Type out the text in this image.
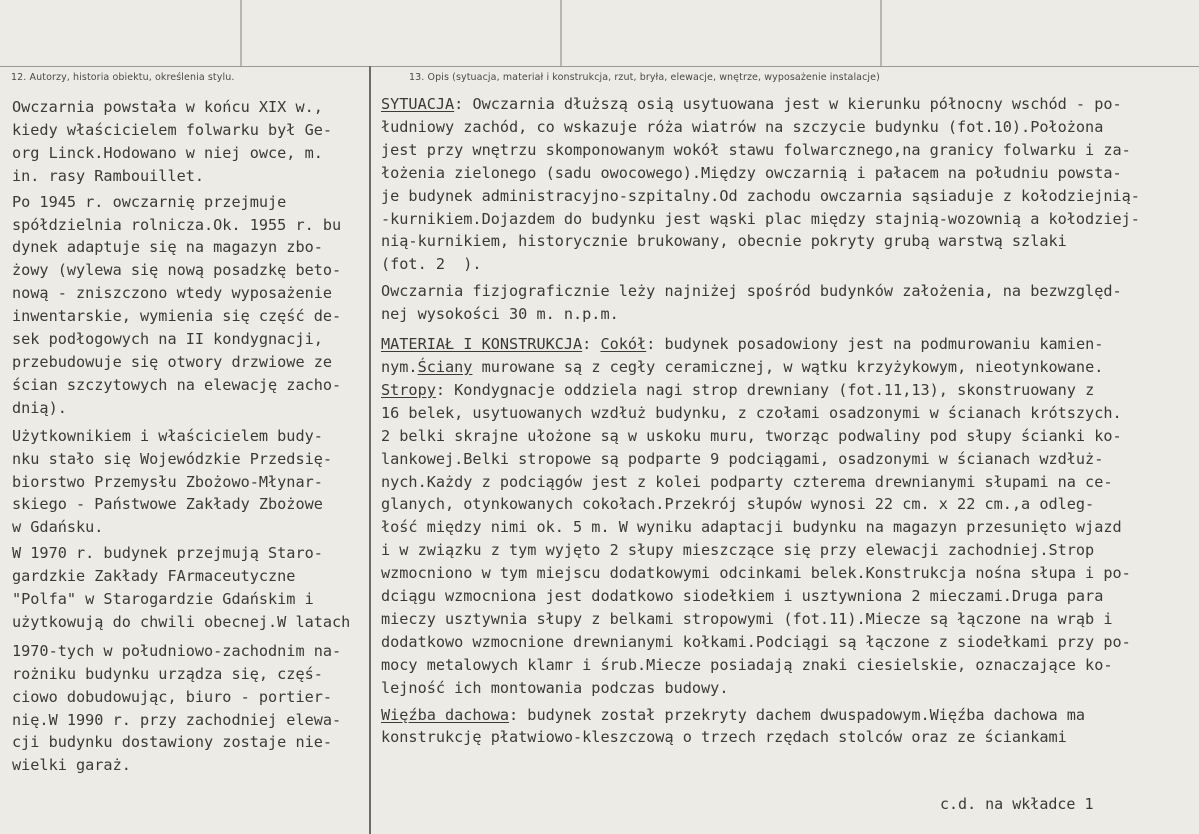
12. Autorzy, historia obiektu, określenia stylu.	13. Opis (sytuacja, materiał i konstrukcja, rzut, bryła, elewacje, wnętrze, wyposażenie instalacje)
Owczarnia powstała w końcu XIX w.,
kiedy właścicielem folwarku był Ge-
org Linck.Hodowano w niej owce, m.
in. rasy Rambouillet.
Po 1945 r. owczarnię przejmuje
spółdzielnia rolnicza.Ok. 1955 r. bu
dynek adaptuje się na magazyn zbo-
żowy (wylewa się nową posadzkę beto-
nową - zniszczono wtedy wyposażenie
inwentarskie, wymienia się część de-
sek podłogowych na II kondygnacji,
przebudowuje się otwory drzwiowe ze
ścian szczytowych na elewację zacho-
dnią).
Użytkownikiem i właścicielem budy-
nku stało się Wojewódzkie Przedsię-
biorstwo Przemysłu Zbożowo-Młynar-
skiego - Państwowe Zakłady Zbożowe
w Gdańsku.
W 1970 r. budynek przejmują Staro-
gardzkie Zakłady FArmaceutyczne
"Polfa" w Starogardzie Gdańskim i
użytkowują do chwili obecnej.W latach
1970-tych w południowo-zachodnim na-
rożniku budynku urządza się, częś-
ciowo dobudowując, biuro - portier-
nię.W 1990 r. przy zachodniej elewa-
cji budynku dostawiony zostaje nie-
wielki garaż.
SYTUACJA: Owczarnia dłuższą osią usytuowana jest w kierunku północny wschód - po-
łudniowy zachód, co wskazuje róża wiatrów na szczycie budynku (fot.10).Położona
jest przy wnętrzu skomponowanym wokół stawu folwarcznego,na granicy folwarku i za-
łożenia zielonego (sadu owocowego).Między owczarnią i pałacem na południu powsta-
je budynek administracyjno-szpitalny.Od zachodu owczarnia sąsiaduje z kołodziejnią-
-kurnikiem.Dojazdem do budynku jest wąski plac między stajnią-wozownią a kołodziej-
nią-kurnikiem, historycznie brukowany, obecnie pokryty grubą warstwą szlaki
(fot. 2  ).
Owczarnia fizjograficznie leży najniżej spośród budynków założenia, na bezwzględ-
nej wysokości 30 m. n.p.m.
MATERIAŁ I KONSTRUKCJA: Cokół: budynek posadowiony jest na podmurowaniu kamien-
nym.Ściany murowane są z cegły ceramicznej, w wątku krzyżykowym, nieotynkowane.
Stropy: Kondygnacje oddziela nagi strop drewniany (fot.11,13), skonstruowany z
16 belek, usytuowanych wzdłuż budynku, z czołami osadzonymi w ścianach krótszych.
2 belki skrajne ułożone są w uskoku muru, tworząc podwaliny pod słupy ścianki ko-
lankowej.Belki stropowe są podparte 9 podciągami, osadzonymi w ścianach wzdłuż-
nych.Każdy z podciągów jest z kolei podparty czterema drewnianymi słupami na ce-
glanych, otynkowanych cokołach.Przekrój słupów wynosi 22 cm. x 22 cm.,a odleg-
łość między nimi ok. 5 m. W wyniku adaptacji budynku na magazyn przesunięto wjazd
i w związku z tym wyjęto 2 słupy mieszczące się przy elewacji zachodniej.Strop
wzmocniono w tym miejscu dodatkowymi odcinkami belek.Konstrukcja nośna słupa i po-
dciągu wzmocniona jest dodatkowo siodełkiem i usztywniona 2 mieczami.Druga para
mieczy usztywnia słupy z belkami stropowymi (fot.11).Miecze są łączone na wrąb i
dodatkowo wzmocnione drewnianymi kołkami.Podciągi są łączone z siodełkami przy po-
mocy metalowych klamr i śrub.Miecze posiadają znaki ciesielskie, oznaczające ko-
lejność ich montowania podczas budowy.
Więźba dachowa: budynek został przekryty dachem dwuspadowym.Więźba dachowa ma
konstrukcję płatwiowo-kleszczową o trzech rzędach stolców oraz ze ściankami
c.d. na wkładce 1
